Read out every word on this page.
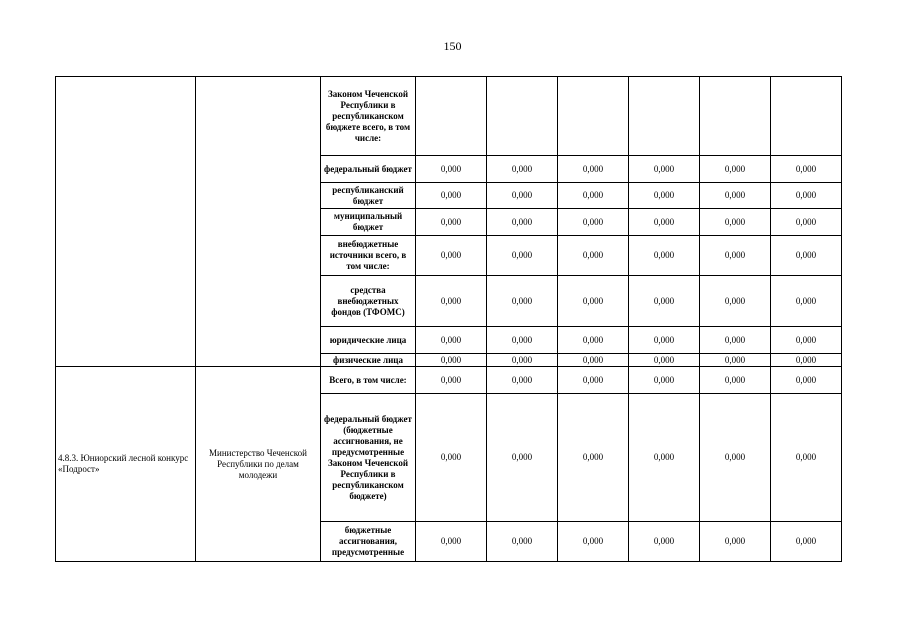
150
		Законом Чеченской Республики в республиканском бюджете всего, в том числе:						
		федеральный бюджет	0,000	0,000	0,000	0,000	0,000	0,000
		республиканский бюджет	0,000	0,000	0,000	0,000	0,000	0,000
		муниципальный бюджет	0,000	0,000	0,000	0,000	0,000	0,000
		внебюджетные источники всего, в том числе:	0,000	0,000	0,000	0,000	0,000	0,000
		средства внебюджетных фондов (ТФОМС)	0,000	0,000	0,000	0,000	0,000	0,000
		юридические лица	0,000	0,000	0,000	0,000	0,000	0,000
		физические лица	0,000	0,000	0,000	0,000	0,000	0,000
4.8.3. Юниорский лесной конкурс «Подрост»	Министерство Чеченской Республики по делам молодежи	Всего, в том числе:	0,000	0,000	0,000	0,000	0,000	0,000
		федеральный бюджет (бюджетные ассигнования, не предусмотренные Законом Чеченской Республики в республиканском бюджете)	0,000	0,000	0,000	0,000	0,000	0,000
		бюджетные ассигнования, предусмотренные	0,000	0,000	0,000	0,000	0,000	0,000
